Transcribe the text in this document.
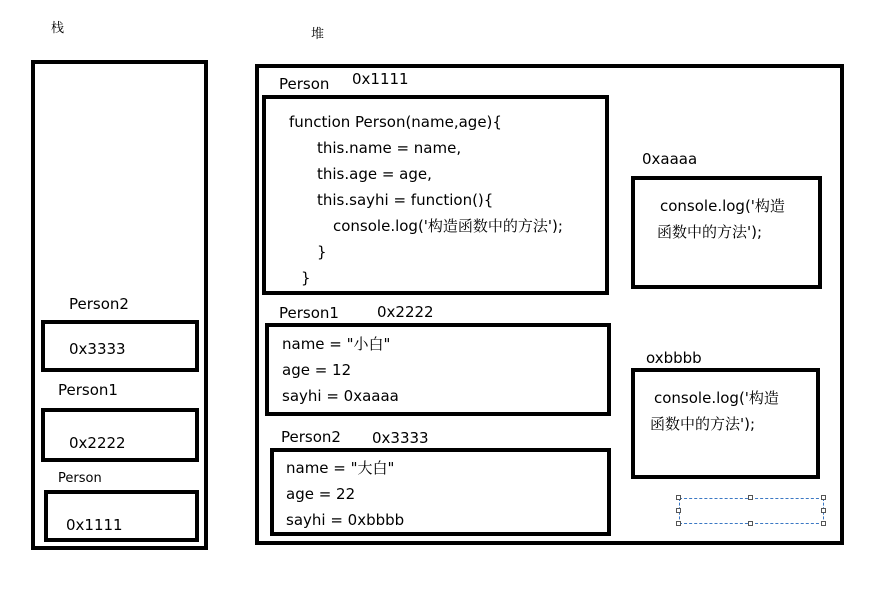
栈	堆
Person2
0x3333
Person1
0x2222
Person
0x1111
Person 0x1111
function Person(name,age){
this.name = name,
this.age = age,
this.sayhi = function(){
console.log('构造函数中的方法');
}
}
Person1	0x2222
name = "小白"
age = 12
sayhi = 0xaaaa
Person2 0x3333
name = "大白"
age = 22
sayhi = 0xbbbb
0xaaaa
console.log('构造
函数中的方法');
oxbbbb
console.log('构造
函数中的方法');
